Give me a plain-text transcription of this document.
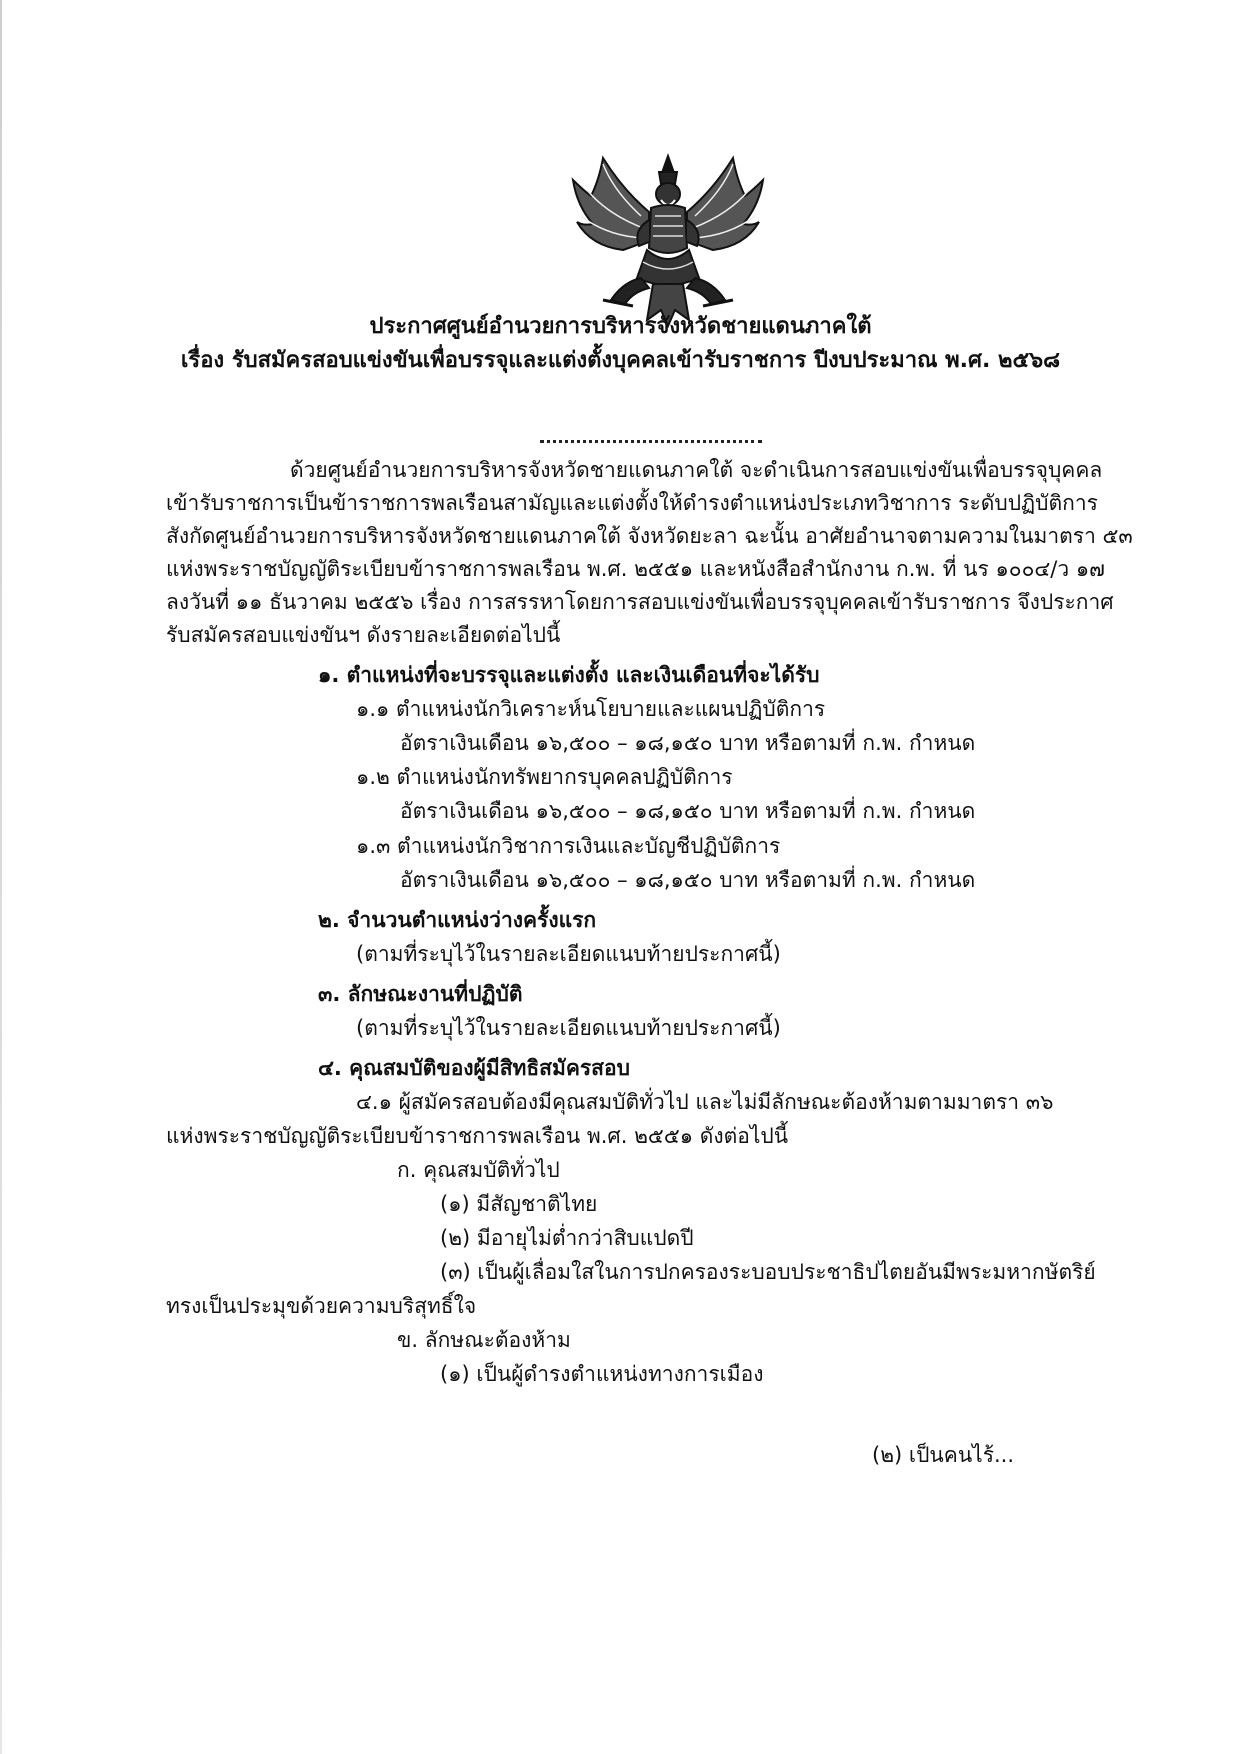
ประกาศศูนย์อำนวยการบริหารจังหวัดชายแดนภาคใต้
เรื่อง รับสมัครสอบแข่งขันเพื่อบรรจุและแต่งตั้งบุคคลเข้ารับราชการ ปีงบประมาณ พ.ศ. ๒๕๖๘
ด้วยศูนย์อำนวยการบริหารจังหวัดชายแดนภาคใต้ จะดำเนินการสอบแข่งขันเพื่อบรรจุบุคคล
เข้ารับราชการเป็นข้าราชการพลเรือนสามัญและแต่งตั้งให้ดำรงตำแหน่งประเภทวิชาการ ระดับปฏิบัติการ
สังกัดศูนย์อำนวยการบริหารจังหวัดชายแดนภาคใต้ จังหวัดยะลา ฉะนั้น อาศัยอำนาจตามความในมาตรา ๕๓
แห่งพระราชบัญญัติระเบียบข้าราชการพลเรือน พ.ศ. ๒๕๕๑ และหนังสือสำนักงาน ก.พ. ที่ นร ๑๐๐๔/ว ๑๗
ลงวันที่ ๑๑ ธันวาคม ๒๕๕๖ เรื่อง การสรรหาโดยการสอบแข่งขันเพื่อบรรจุบุคคลเข้ารับราชการ จึงประกาศ
รับสมัครสอบแข่งขันฯ ดังรายละเอียดต่อไปนี้
๑. ตำแหน่งที่จะบรรจุและแต่งตั้ง และเงินเดือนที่จะได้รับ
๑.๑ ตำแหน่งนักวิเคราะห์นโยบายและแผนปฏิบัติการ
อัตราเงินเดือน ๑๖,๕๐๐ – ๑๘,๑๕๐ บาท หรือตามที่ ก.พ. กำหนด
๑.๒ ตำแหน่งนักทรัพยากรบุคคลปฏิบัติการ
อัตราเงินเดือน ๑๖,๕๐๐ – ๑๘,๑๕๐ บาท หรือตามที่ ก.พ. กำหนด
๑.๓ ตำแหน่งนักวิชาการเงินและบัญชีปฏิบัติการ
อัตราเงินเดือน ๑๖,๕๐๐ – ๑๘,๑๕๐ บาท หรือตามที่ ก.พ. กำหนด
๒. จำนวนตำแหน่งว่างครั้งแรก
(ตามที่ระบุไว้ในรายละเอียดแนบท้ายประกาศนี้)
๓. ลักษณะงานที่ปฏิบัติ
(ตามที่ระบุไว้ในรายละเอียดแนบท้ายประกาศนี้)
๔. คุณสมบัติของผู้มีสิทธิสมัครสอบ
๔.๑ ผู้สมัครสอบต้องมีคุณสมบัติทั่วไป และไม่มีลักษณะต้องห้ามตามมาตรา ๓๖
แห่งพระราชบัญญัติระเบียบข้าราชการพลเรือน พ.ศ. ๒๕๕๑ ดังต่อไปนี้
ก. คุณสมบัติทั่วไป
(๑) มีสัญชาติไทย
(๒) มีอายุไม่ต่ำกว่าสิบแปดปี
(๓) เป็นผู้เลื่อมใสในการปกครองระบอบประชาธิปไตยอันมีพระมหากษัตริย์
ทรงเป็นประมุขด้วยความบริสุทธิ์ใจ
ข. ลักษณะต้องห้าม
(๑) เป็นผู้ดำรงตำแหน่งทางการเมือง
(๒) เป็นคนไร้...
